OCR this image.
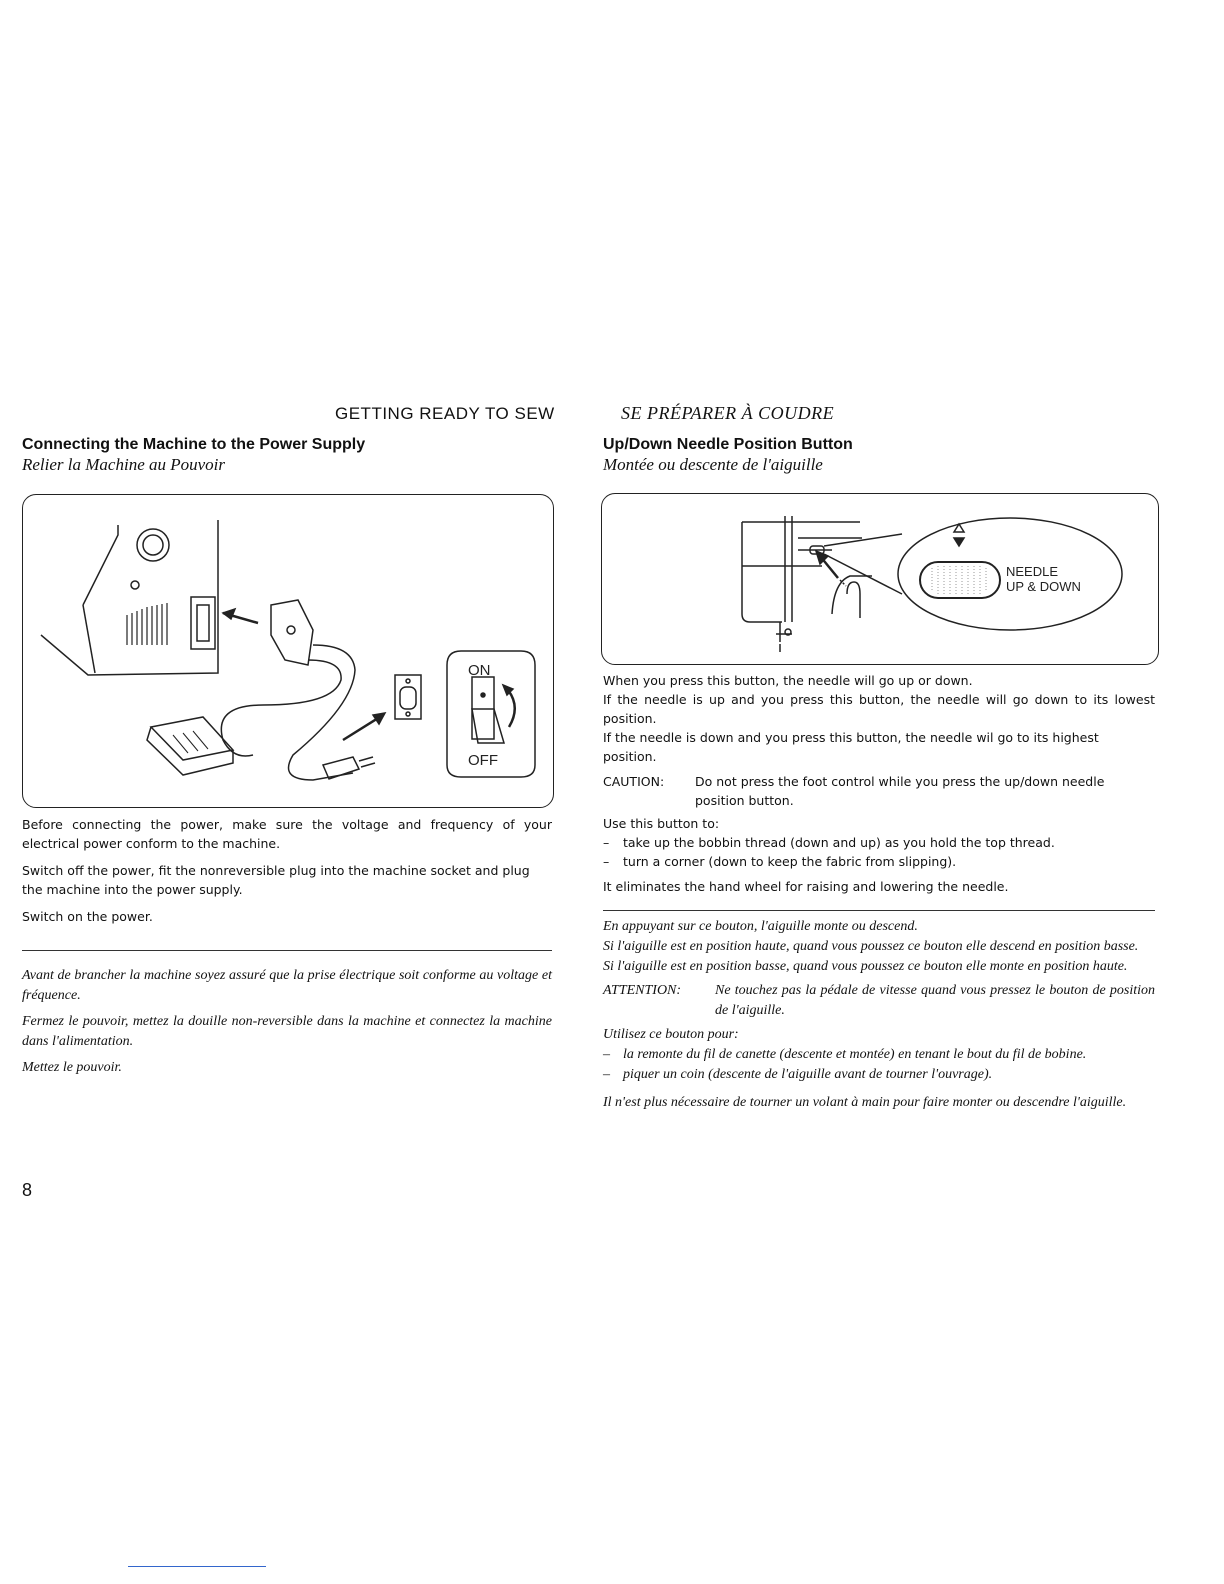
GETTING READY TO SEW	SE PRÉPARER À COUDRE
Connecting the Machine to the Power Supply
Relier la Machine au Pouvoir
ON
OFF

Before connecting the power, make sure the voltage and frequency of your electrical power conform to the machine.

Switch off the power, fit the nonreversible plug into the machine socket and plug the machine into the power supply.

Switch on the power.

Avant de brancher la machine soyez assuré que la prise électrique soit conforme au voltage et fréquence.

Fermez le pouvoir, mettez la douille non-reversible dans la machine et connectez la machine dans l'alimentation.

Mettez le pouvoir.

8
Up/Down Needle Position Button
Montée ou descente de l'aiguille
NEEDLE
UP & DOWN

When you press this button, the needle will go up or down.

If the needle is up and you press this button, the needle will go down to its lowest position.

If the needle is down and you press this button, the needle wil go to its highest position.

CAUTION:	Do not press the foot control while you press the up/down needle position button.

Use this button to:

–	take up the bobbin thread (down and up) as you hold the top thread.
–	turn a corner (down to keep the fabric from slipping).

It eliminates the hand wheel for raising and lowering the needle.

En appuyant sur ce bouton, l'aiguille monte ou descend.

Si l'aiguille est en position haute, quand vous poussez ce bouton elle descend en position basse.

Si l'aiguille est en position basse, quand vous poussez ce bouton elle monte en position haute.

ATTENTION:	Ne touchez pas la pédale de vitesse quand vous pressez le bouton de position de l'aiguille.

Utilisez ce bouton pour:

– la remonte du fil de canette (descente et montée) en tenant le bout du fil de bobine.
– piquer un coin (descente de l'aiguille avant de tourner l'ouvrage).

Il n'est plus nécessaire de tourner un volant à main pour faire monter ou descendre l'aiguille.
